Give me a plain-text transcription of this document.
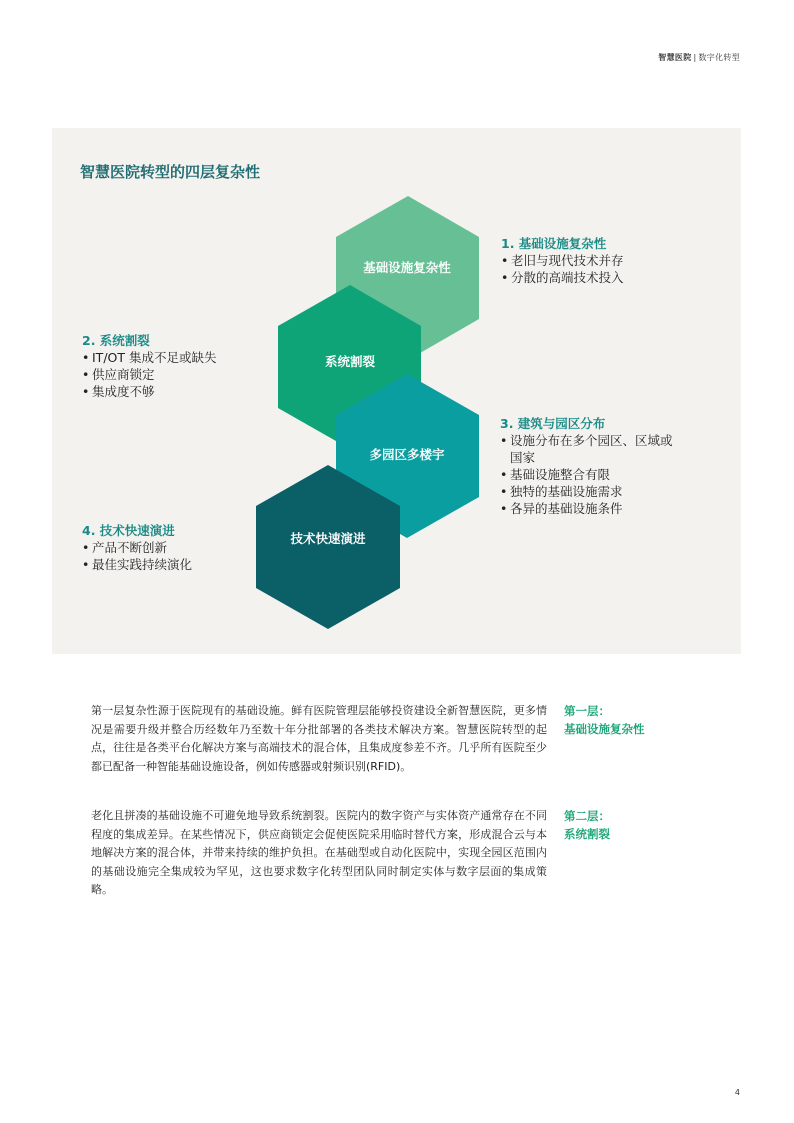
智慧医院 | 数字化转型
智慧医院转型的四层复杂性
基础设施复杂性
系统割裂
多园区多楼宇
技术快速演进
1. 基础设施复杂性
• 老旧与现代技术并存
• 分散的高端技术投入
2. 系统割裂
• IT/OT 集成不足或缺失
• 供应商锁定
• 集成度不够
3. 建筑与园区分布
• 设施分布在多个园区、区域或国家
• 基础设施整合有限
• 独特的基础设施需求
• 各异的基础设施条件
4. 技术快速演进
• 产品不断创新
• 最佳实践持续演化
第一层复杂性源于医院现有的基础设施。鲜有医院管理层能够投资建设全新智慧医院，更多情况是需要升级并整合历经数年乃至数十年分批部署的各类技术解决方案。智慧医院转型的起点，往往是各类平台化解决方案与高端技术的混合体，且集成度参差不齐。几乎所有医院至少都已配备一种智能基础设施设备，例如传感器或射频识别(RFID)。
第一层：
基础设施复杂性
老化且拼凑的基础设施不可避免地导致系统割裂。医院内的数字资产与实体资产通常存在不同程度的集成差异。在某些情况下，供应商锁定会促使医院采用临时替代方案，形成混合云与本地解决方案的混合体，并带来持续的维护负担。在基础型或自动化医院中，实现全园区范围内的基础设施完全集成较为罕见，这也要求数字化转型团队同时制定实体与数字层面的集成策略。
第二层：
系统割裂
4
